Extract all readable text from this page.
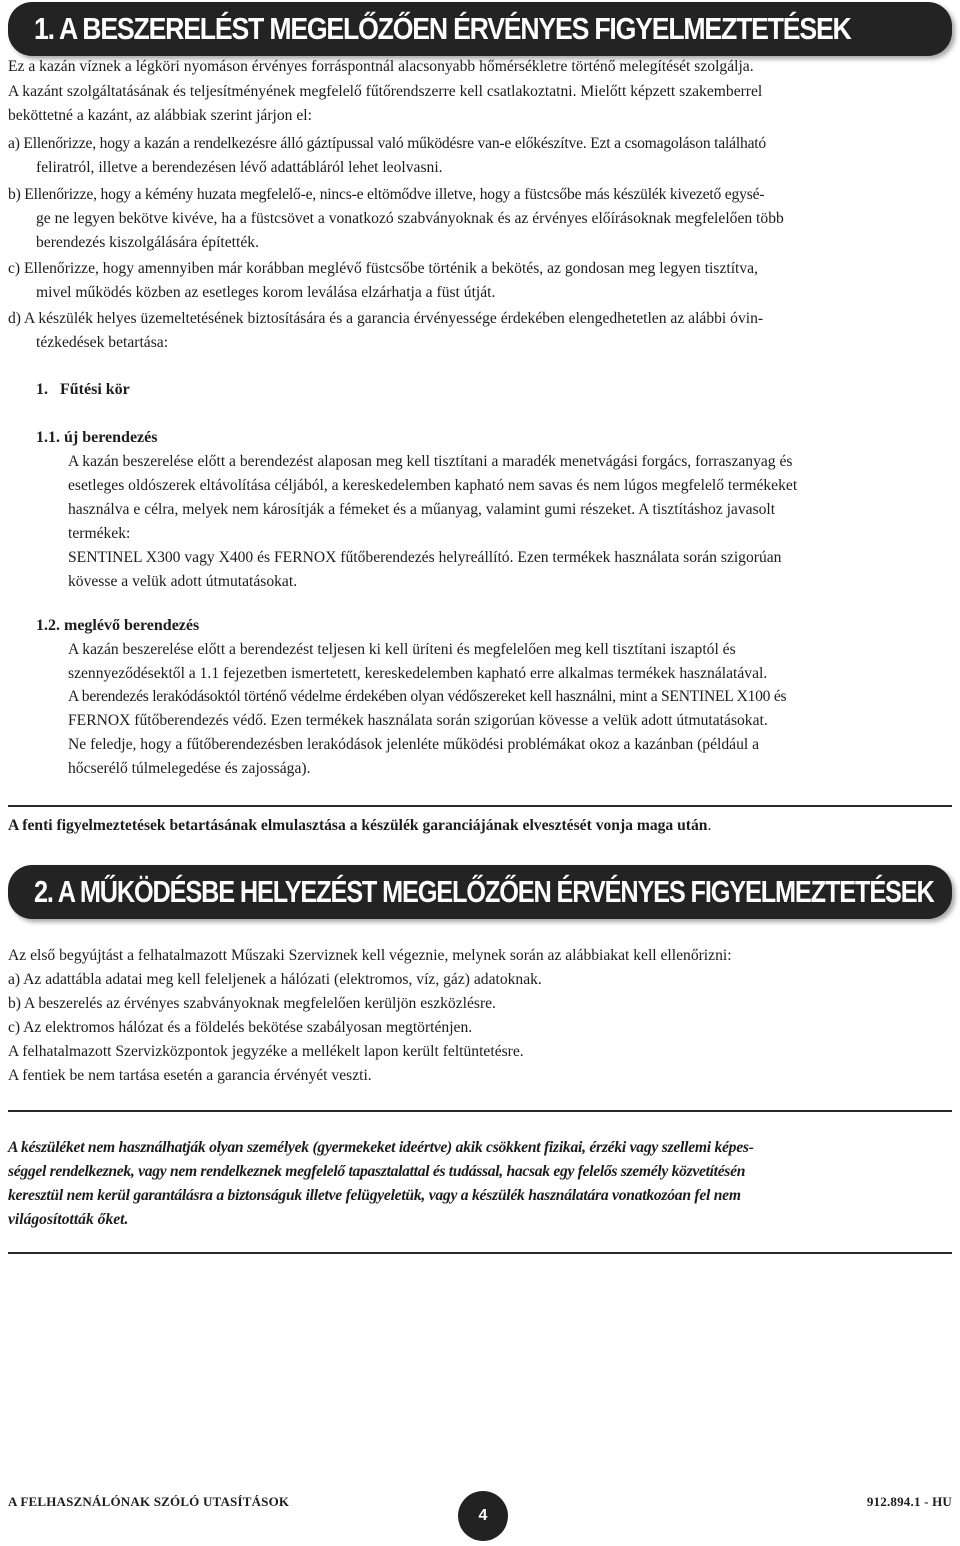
1. A BESZERELÉST MEGELŐZŐEN ÉRVÉNYES FIGYELMEZTETÉSEK
Ez a kazán víznek a légköri nyomáson érvényes forráspontnál alacsonyabb hőmérsékletre történő melegítését szolgálja.
A kazánt szolgáltatásának és teljesítményének megfelelő fűtőrendszerre kell csatlakoztatni. Mielőtt képzett szakemberrel
beköttetné a kazánt, az alábbiak szerint járjon el:
a) Ellenőrizze, hogy a kazán a rendelkezésre álló gáztípussal való működésre van-e előkészítve. Ezt a csomagoláson található
feliratról, illetve a berendezésen lévő adattábláról lehet leolvasni.
b) Ellenőrizze, hogy a kémény huzata megfelelő-e, nincs-e eltömődve illetve, hogy a füstcsőbe más készülék kivezető egysé-
ge ne legyen bekötve kivéve, ha a füstcsövet a vonatkozó szabványoknak és az érvényes előírásoknak megfelelően több
berendezés kiszolgálására építették.
c) Ellenőrizze, hogy amennyiben már korábban meglévő füstcsőbe történik a bekötés, az gondosan meg legyen tisztítva,
mivel működés közben az esetleges korom leválása elzárhatja a füst útját.
d) A készülék helyes üzemeltetésének biztosítására és a garancia érvényessége érdekében elengedhetetlen az alábbi óvin-
tézkedések betartása:
1.   Fűtési kör
1.1. új berendezés
A kazán beszerelése előtt a berendezést alaposan meg kell tisztítani a maradék menetvágási forgács, forraszanyag és
esetleges oldószerek eltávolítása céljából, a kereskedelemben kapható nem savas és nem lúgos megfelelő termékeket
használva e célra, melyek nem károsítják a fémeket és a műanyag, valamint gumi részeket. A tisztításhoz javasolt
termékek:
SENTINEL X300 vagy X400 és FERNOX fűtőberendezés helyreállító. Ezen termékek használata során szigorúan
kövesse a velük adott útmutatásokat.
1.2. meglévő berendezés
A kazán beszerelése előtt a berendezést teljesen ki kell üríteni és megfelelően meg kell tisztítani iszaptól és
szennyeződésektől a 1.1 fejezetben ismertetett, kereskedelemben kapható erre alkalmas termékek használatával.
A berendezés lerakódásoktól történő védelme érdekében olyan védőszereket kell használni, mint a SENTINEL X100 és
FERNOX fűtőberendezés védő. Ezen termékek használata során szigorúan kövesse a velük adott útmutatásokat.
Ne feledje, hogy a fűtőberendezésben lerakódások jelenléte működési problémákat okoz a kazánban (például a
hőcserélő túlmelegedése és zajossága).
A fenti figyelmeztetések betartásának elmulasztása a készülék garanciájának elvesztését vonja maga után.
2. A MŰKÖDÉSBE HELYEZÉST MEGELŐZŐEN ÉRVÉNYES FIGYELMEZTETÉSEK
Az első begyújtást a felhatalmazott Műszaki Szerviznek kell végeznie, melynek során az alábbiakat kell ellenőrizni:
a) Az adattábla adatai meg kell feleljenek a hálózati (elektromos, víz, gáz) adatoknak.
b) A beszerelés az érvényes szabványoknak megfelelően kerüljön eszközlésre.
c) Az elektromos hálózat és a földelés bekötése szabályosan megtörténjen.
A felhatalmazott Szervizközpontok jegyzéke a mellékelt lapon került feltüntetésre.
A fentiek be nem tartása esetén a garancia érvényét veszti.
A készüléket nem használhatják olyan személyek (gyermekeket ideértve) akik csökkent fizikai, érzéki vagy szellemi képes-
séggel rendelkeznek, vagy nem rendelkeznek megfelelő tapasztalattal és tudással, hacsak egy felelős személy közvetítésén
keresztül nem kerül garantálásra a biztonságuk illetve felügyeletük, vagy a készülék használatára vonatkozóan fel nem
világosították őket.
A FELHASZNÁLÓNAK SZÓLÓ UTASÍTÁSOK
4
912.894.1 - HU
